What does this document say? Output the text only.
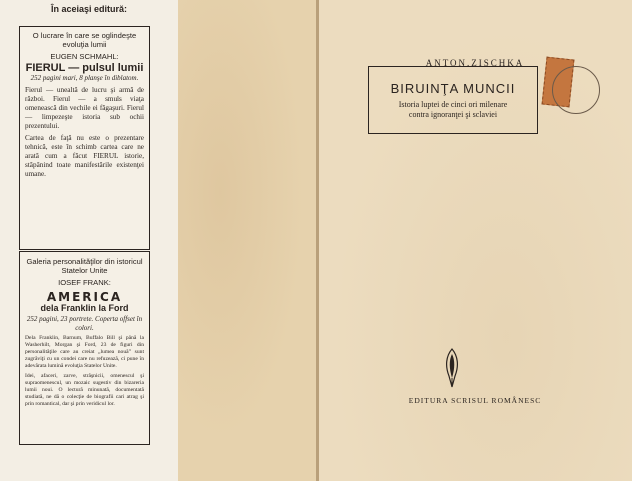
În aceiaşi editură:
O lucrare în care se oglindeşte evoluţia lumii
EUGEN SCHMAHL:
FIERUL — pulsul lumii
252 pagini mari, 8 planşe în diblatom.
Fierul — unealtă de lucru şi armă de război. Fierul — a smuls viaţa omenească din vechile ei făgaşuri. Fierul — limpezeşte istoria sub ochii prezentului.
Cartea de faţă nu este o prezentare tehnică, este în schimb cartea care ne arată cum a făcut FIERUL istorie, stăpânind toate manifestările existenţei umane.
Galeria personalităţilor din istoricul Statelor Unite
IOSEF FRANK:
AMERICA
dela Franklin la Ford
252 pagini, 23 portrete. Coperta offset în colori.
Dela Franklin, Barnum, Buffalo Bill şi până la Washerhilt, Morgan şi Ford, 23 de figuri din personalităţile care au creiat „lumea nouă” sunt zugrăviţi cu un condei care nu refuzează, ci pune în adevărata lumină evoluţia Statelor Unite.
Idei, afaceri, zarve, străşnicii, omenescul şi supraomenescul, un mozaic sugestiv din bizareria lumii noui. O lectură minunată, documentată studiată, ne dă o colecţie de biografii cari atrag şi prin romantical, dar şi prin veridicul lor.
ANTON.ZISCHKA
BIRUINŢA MUNCII
Istoria luptei de cinci ori milenare
contra ignoranţei şi sclaviei
EDITURA SCRISUL ROMÂNESC
